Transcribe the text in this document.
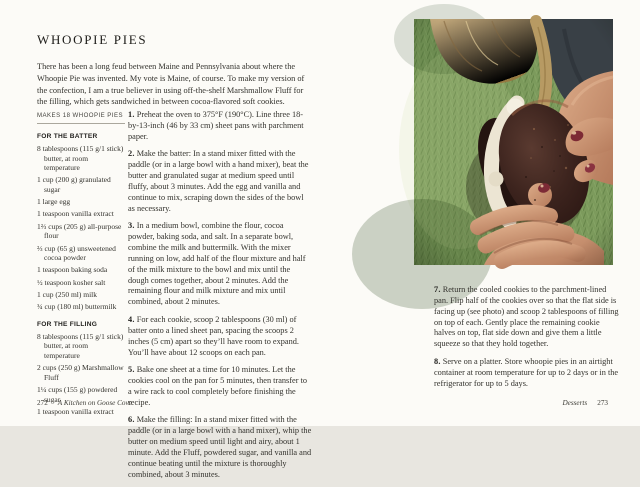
WHOOPIE PIES

There has been a long feud between Maine and Pennsylvania about where the Whoopie Pie was invented. My vote is Maine, of course. To make my version of the confection, I am a true believer in using off-the-shelf Marshmallow Fluff for the filling, which gets sandwiched in between cocoa-flavored soft cookies.

MAKES 18 WHOOPIE PIES
FOR THE BATTER

8 tablespoons (115 g/1 stick) butter, at room temperature

1 cup (200 g) granulated sugar

1 large egg

1 teaspoon vanilla extract

1⅔ cups (205 g) all-purpose flour

⅔ cup (65 g) unsweetened cocoa powder

1 teaspoon baking soda

½ teaspoon kosher salt

1 cup (250 ml) milk

¾ cup (180 ml) buttermilk

FOR THE FILLING

8 tablespoons (115 g/1 stick) butter, at room temperature

2 cups (250 g) Marshmallow Fluff

1¼ cups (155 g) powdered sugar

1 teaspoon vanilla extract

1. Preheat the oven to 375°F (190°C). Line three 18-by-13-inch (46 by 33 cm) sheet pans with parchment paper.

2. Make the batter: In a stand mixer fitted with the paddle (or in a large bowl with a hand mixer), beat the butter and granulated sugar at medium speed until fluffy, about 3 minutes. Add the egg and vanilla and continue to mix, scraping down the sides of the bowl as necessary.

3. In a medium bowl, combine the flour, cocoa powder, baking soda, and salt. In a separate bowl, combine the milk and buttermilk. With the mixer running on low, add half of the flour mixture and half of the milk mixture to the bowl and mix until the dough comes together, about 2 minutes. Add the remaining flour and milk mixture and mix until combined, about 2 minutes.

4. For each cookie, scoop 2 tablespoons (30 ml) of batter onto a lined sheet pan, spacing the scoops 2 inches (5 cm) apart so they’ll have room to expand. You’ll have about 12 scoops on each pan.

5. Bake one sheet at a time for 10 minutes. Let the cookies cool on the pan for 5 minutes, then transfer to a wire rack to cool completely before finishing the recipe.

6. Make the filling: In a stand mixer fitted with the paddle (or in a large bowl with a hand mixer), whip the butter on medium speed until light and airy, about 1 minute. Add the Fluff, powdered sugar, and vanilla and continue beating until the mixture is thoroughly combined, about 3 minutes.

272 A Kitchen on Goose Cove

7. Return the cooled cookies to the parchment-lined pan. Flip half of the cookies over so that the flat side is facing up (see photo) and scoop 2 tablespoons of filling on top of each. Gently place the remaining cookie halves on top, flat side down and give them a little squeeze so that they hold together.

8. Serve on a platter. Store whoopie pies in an airtight container at room temperature for up to 2 days or in the refrigerator for up to 5 days.

Desserts 273
